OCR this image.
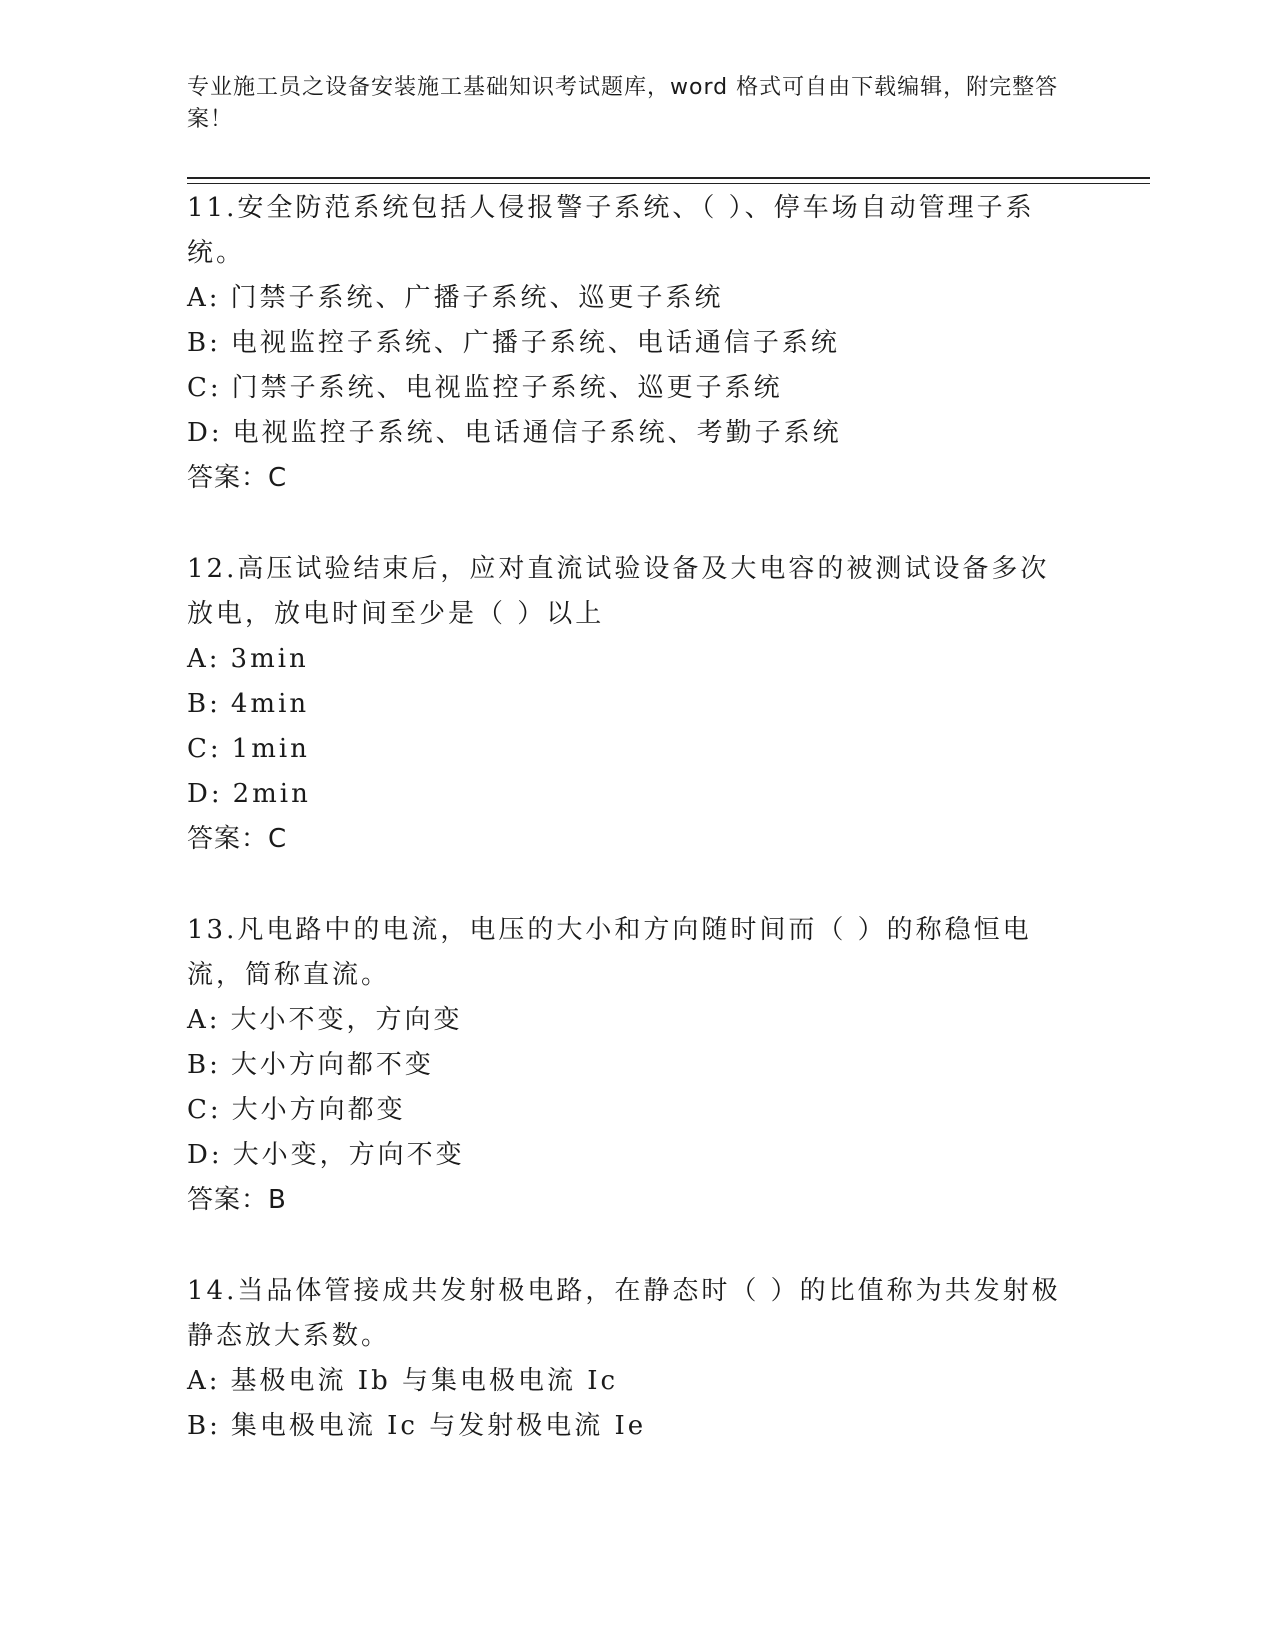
专业施工员之设备安装施工基础知识考试题库，word 格式可自由下载编辑，附完整答案！

11.安全防范系统包括人侵报警子系统、（ ）、停车场自动管理子系统。

A: 门禁子系统、广播子系统、巡更子系统

B: 电视监控子系统、广播子系统、电话通信子系统

C: 门禁子系统、电视监控子系统、巡更子系统

D: 电视监控子系统、电话通信子系统、考勤子系统

答案：C

12.高压试验结束后，应对直流试验设备及大电容的被测试设备多次放电，放电时间至少是（ ）以上

A: 3min

B: 4min

C: 1min

D: 2min

答案：C

13.凡电路中的电流，电压的大小和方向随时间而（ ）的称稳恒电流，简称直流。

A: 大小不变，方向变

B: 大小方向都不变

C: 大小方向都变

D: 大小变，方向不变

答案：B

14.当品体管接成共发射极电路，在静态时（ ）的比值称为共发射极静态放大系数。

A: 基极电流 Ib 与集电极电流 Ic

B: 集电极电流 Ic 与发射极电流 Ie
